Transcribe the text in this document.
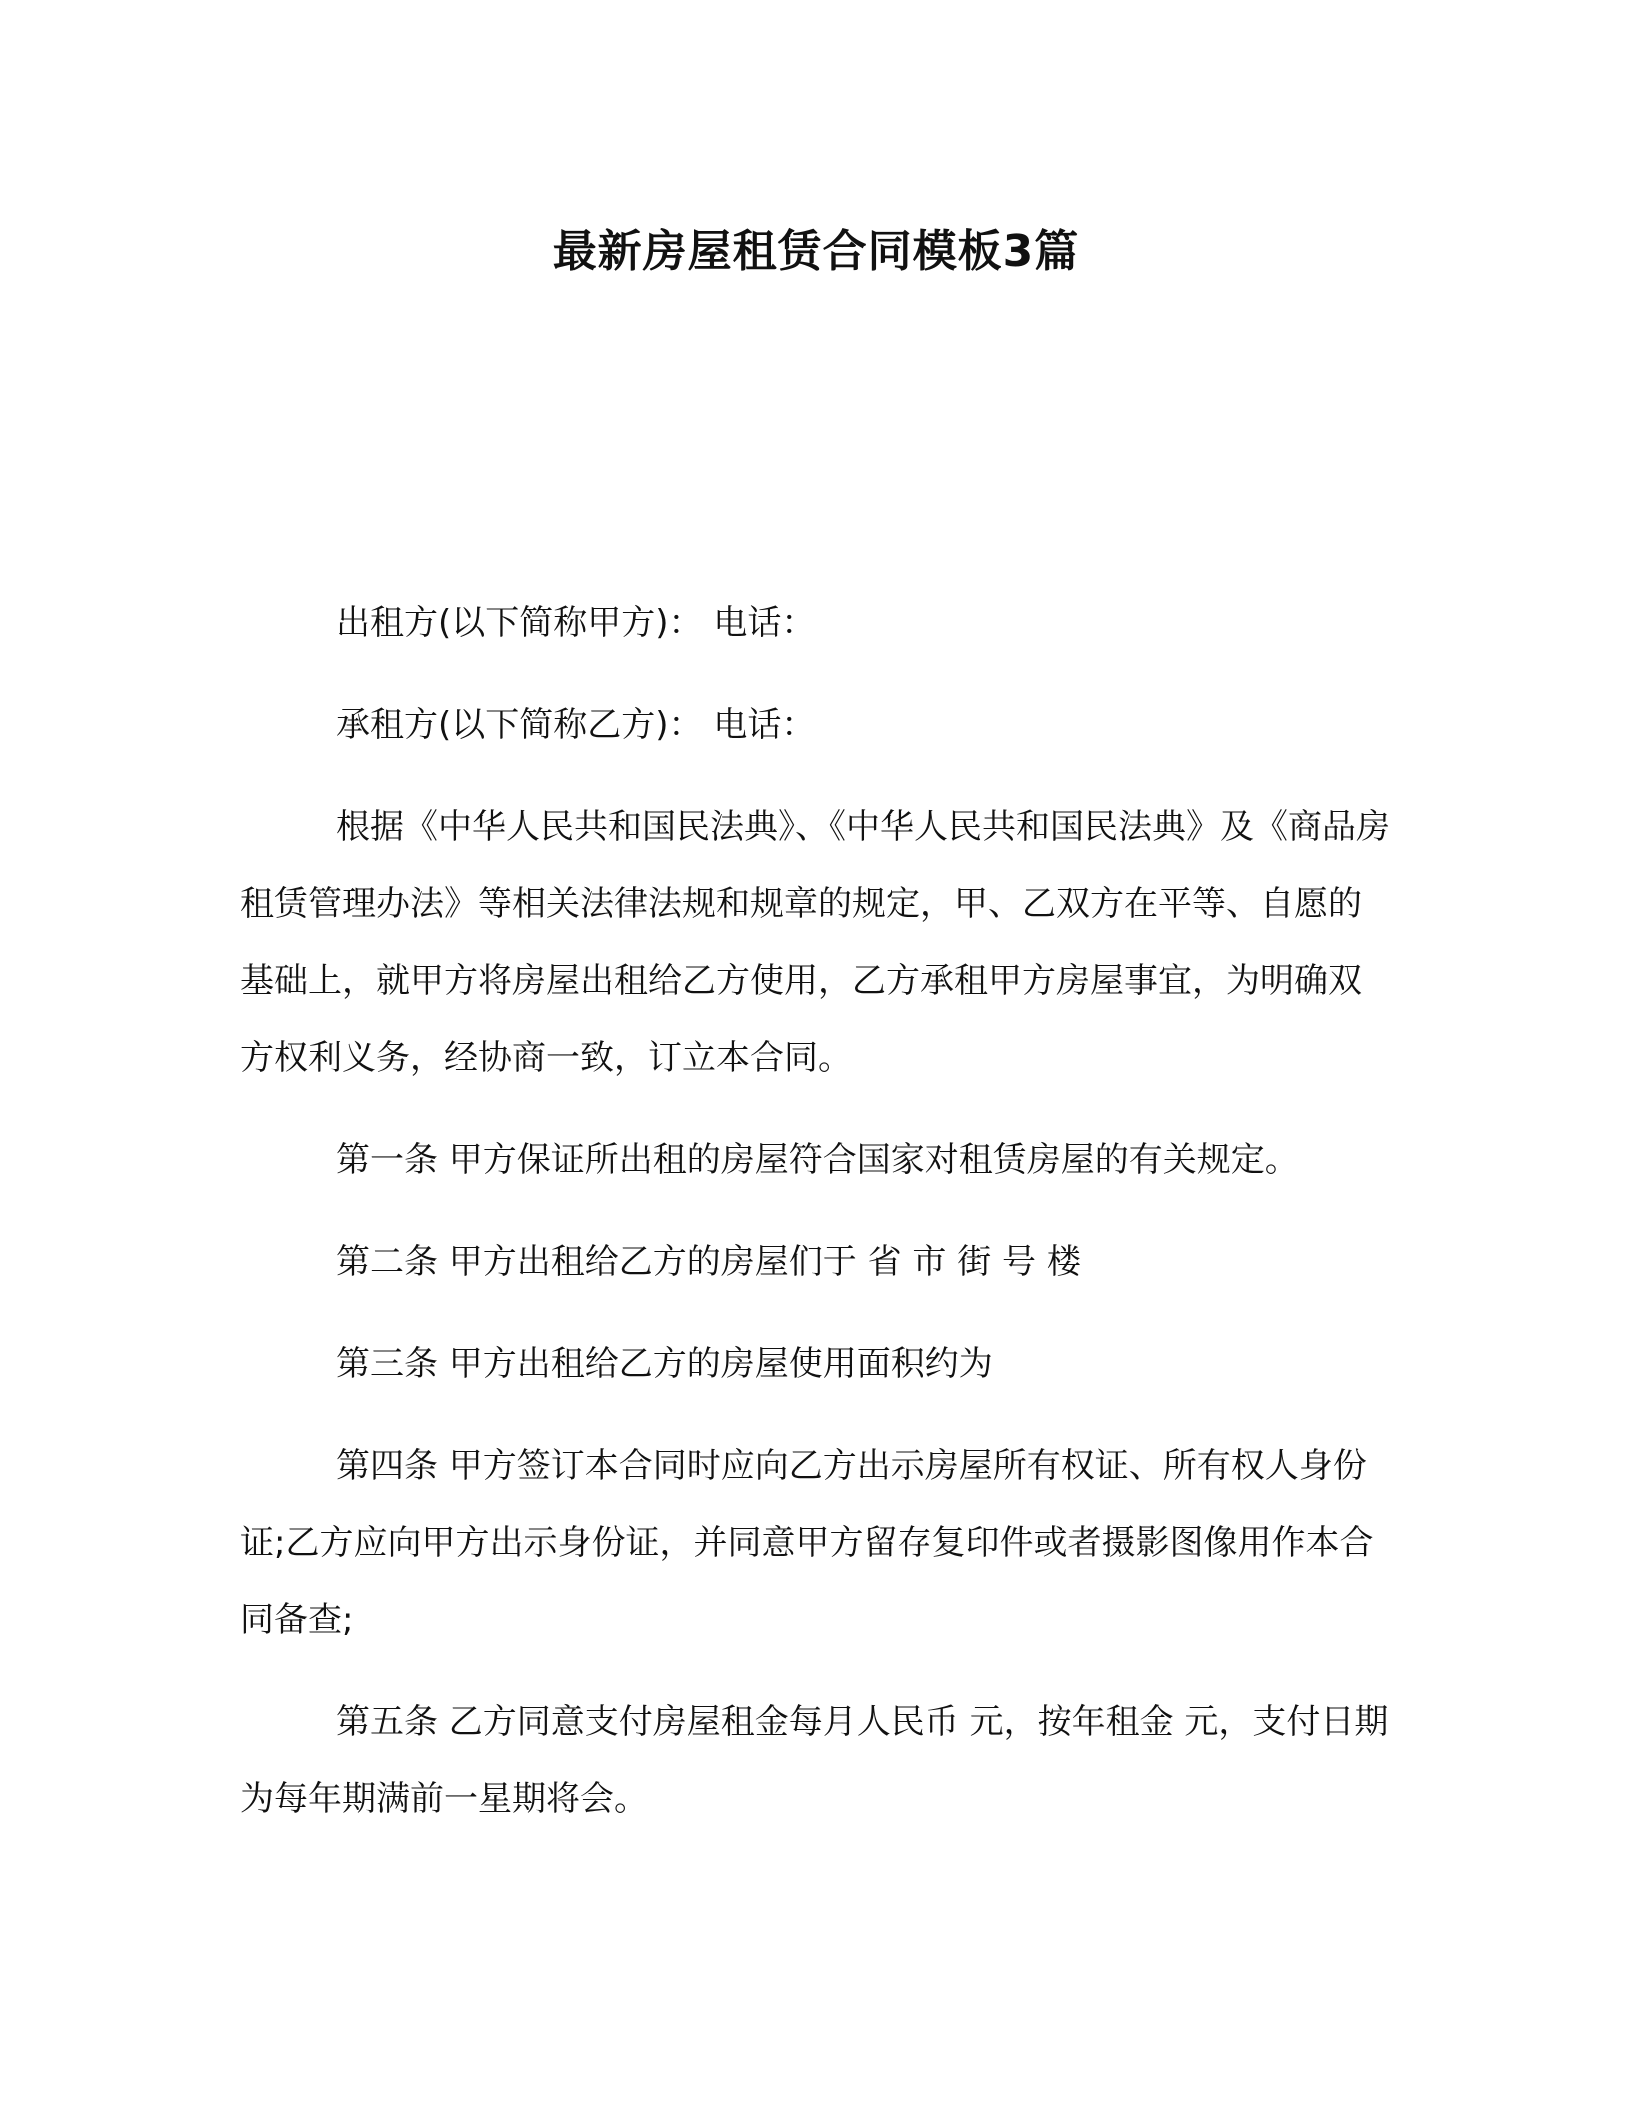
最新房屋租赁合同模板3篇

出租方(以下简称甲方)： 电话：

承租方(以下简称乙方)： 电话：

根据《中华人民共和国民法典》、《中华人民共和国民法典》及《商品房租赁管理办法》等相关法律法规和规章的规定，甲、乙双方在平等、自愿的基础上，就甲方将房屋出租给乙方使用，乙方承租甲方房屋事宜，为明确双方权利义务，经协商一致，订立本合同。

第一条 甲方保证所出租的房屋符合国家对租赁房屋的有关规定。

第二条 甲方出租给乙方的房屋们于 省 市 街 号 楼

第三条 甲方出租给乙方的房屋使用面积约为

第四条 甲方签订本合同时应向乙方出示房屋所有权证、所有权人身份证;乙方应向甲方出示身份证，并同意甲方留存复印件或者摄影图像用作本合同备查;

第五条 乙方同意支付房屋租金每月人民币 元，按年租金 元，支付日期为每年期满前一星期将会。
